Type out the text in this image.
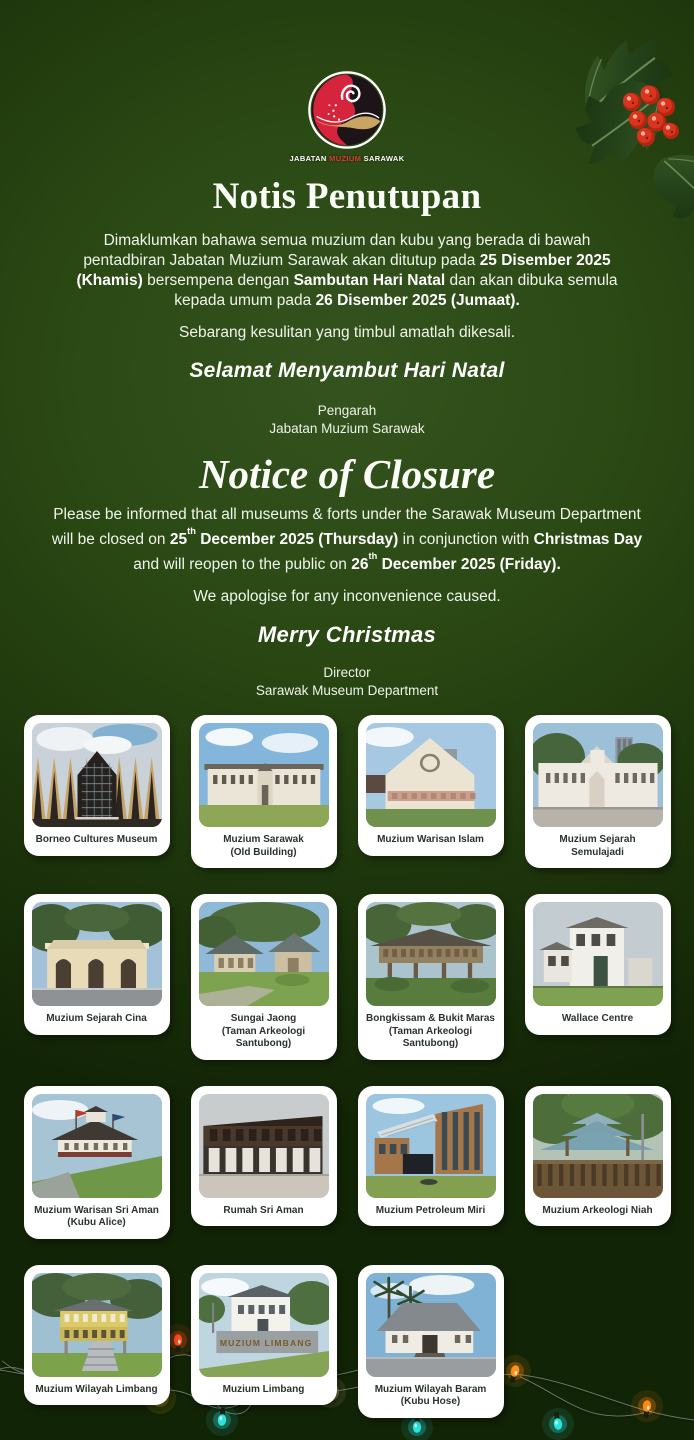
JABATAN MUZIUM SARAWAK
Notis Penutupan

Dimaklumkan bahawa semua muzium dan kubu yang berada di bawah pentadbiran Jabatan Muzium Sarawak akan ditutup pada 25 Disember 2025 (Khamis) bersempena dengan Sambutan Hari Natal dan akan dibuka semula kepada umum pada 26 Disember 2025 (Jumaat).

Sebarang kesulitan yang timbul amatlah dikesali.

Selamat Menyambut Hari Natal
Pengarah
Jabatan Muzium Sarawak
Notice of Closure

Please be informed that all museums & forts under the Sarawak Museum Department will be closed on 25th December 2025 (Thursday) in conjunction with Christmas Day and will reopen to the public on 26th December 2025 (Friday).

We apologise for any inconvenience caused.

Merry Christmas
Director
Sarawak Museum Department
Borneo Cultures Museum	Muzium Sarawak
(Old Building)
Muzium Warisan Islam	Muzium Sejarah Semulajadi
Muzium Sejarah Cina	Sungai Jaong
(Taman Arkeologi Santubong)
Bongkissam & Bukit Maras
(Taman Arkeologi Santubong)
Wallace Centre
Muzium Warisan Sri Aman
(Kubu Alice)
Rumah Sri Aman	Muzium Petroleum Miri	Muzium Arkeologi Niah
Muzium Wilayah Limbang
MUZIUM LIMBANG
Muzium Limbang	Muzium Wilayah Baram
(Kubu Hose)
